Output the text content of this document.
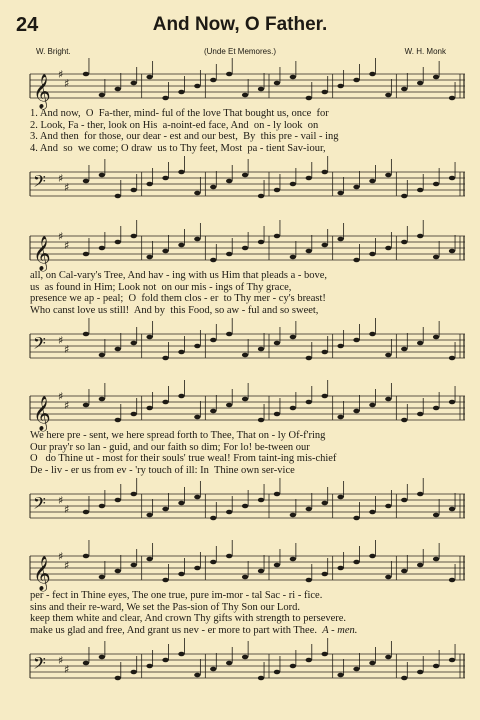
24	And Now, O Father.
W. Bright.	(Unde Et Memores.)	W. H. Monk
𝄞 ♯
♯
1. And now,  O  Fa-ther, mind- ful of the love That bought us, once  for
2. Look, Fa - ther, look on His  a-noint-ed face, And  on - ly look  on
3. And then  for those, our dear - est and our best,  By  this pre - vail - ing
4. And  so  we come; O draw  us to Thy feet, Most  pa - tient Sav-iour,
𝄢 ♯
♯
𝄞 ♯
♯
all, on Cal-vary's Tree, And hav - ing with us Him that pleads a - bove,
us  as found in Him; Look not  on our mis - ings of Thy grace,
presence we ap - peal;  O  fold them clos - er  to Thy mer - cy's breast!
Who canst love us still!  And by  this Food, so aw - ful and so sweet,
𝄢 ♯
♯
𝄞 ♯
♯
We here pre - sent, we here spread forth to Thee, That on - ly Of-f'ring
Our pray'r so lan - guid, and our faith so dim; For lo! be-tween our
O   do Thine ut - most for their souls' true weal! From taint-ing mis-chief
De - liv - er us from ev - 'ry touch of ill: In  Thine own ser-vice
𝄢 ♯
♯
𝄞 ♯
♯
per - fect in Thine eyes, The one true, pure im-mor - tal Sac - ri - fice.
sins and their re-ward, We set the Pas-sion of Thy Son our Lord.
keep them white and clear, And crown Thy gifts with strength to persevere.
make us glad and free, And grant us nev - er more to part with Thee. A - men.
𝄢 ♯
♯
